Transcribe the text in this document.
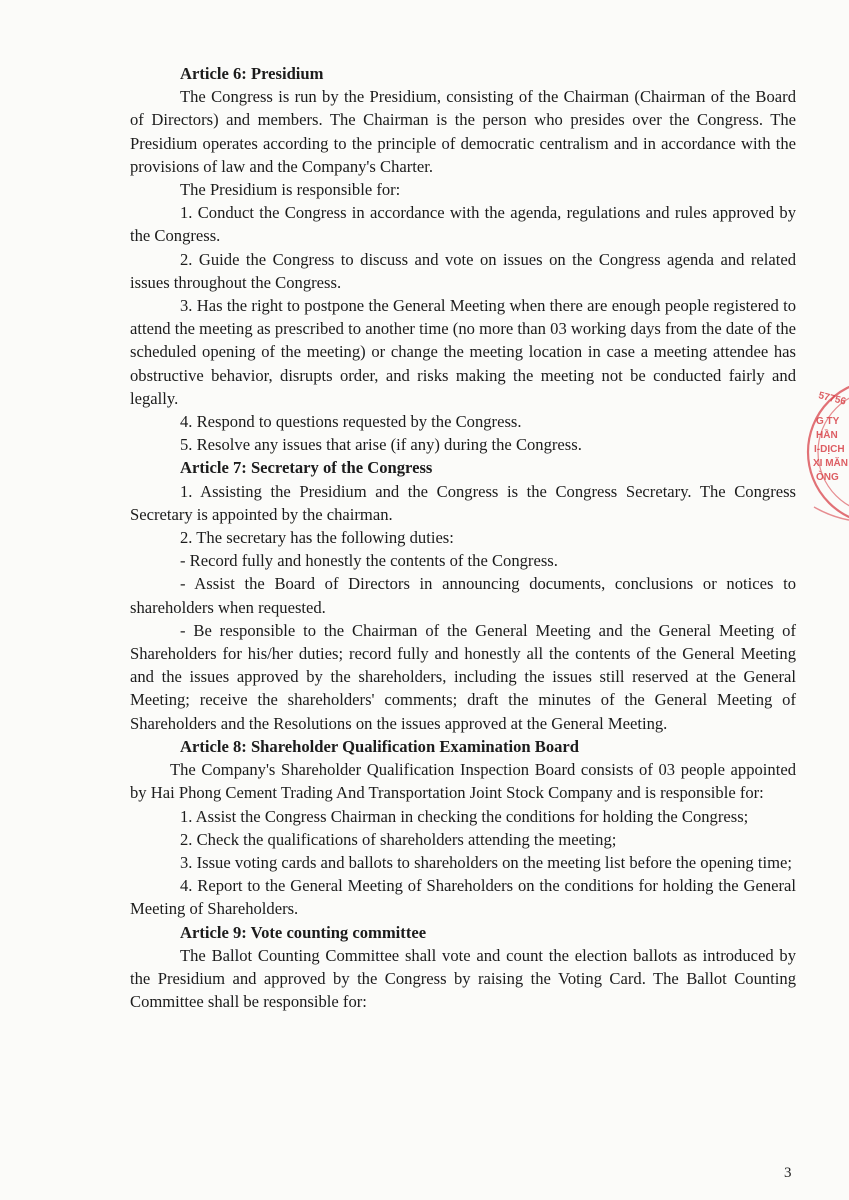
Article 6: Presidium

The Congress is run by the Presidium, consisting of the Chairman (Chairman of the Board of Directors) and members. The Chairman is the person who presides over the Congress. The Presidium operates according to the principle of democratic centralism and in accordance with the provisions of law and the Company's Charter.

The Presidium is responsible for:

1. Conduct the Congress in accordance with the agenda, regulations and rules approved by the Congress.

2. Guide the Congress to discuss and vote on issues on the Congress agenda and related issues throughout the Congress.

3. Has the right to postpone the General Meeting when there are enough people registered to attend the meeting as prescribed to another time (no more than 03 working days from the date of the scheduled opening of the meeting) or change the meeting location in case a meeting attendee has obstructive behavior, disrupts order, and risks making the meeting not be conducted fairly and legally.

4. Respond to questions requested by the Congress.

5. Resolve any issues that arise (if any) during the Congress.

Article 7: Secretary of the Congress

1. Assisting the Presidium and the Congress is the Congress Secretary. The Congress Secretary is appointed by the chairman.

2. The secretary has the following duties:

- Record fully and honestly the contents of the Congress.

- Assist the Board of Directors in announcing documents, conclusions or notices to shareholders when requested.

- Be responsible to the Chairman of the General Meeting and the General Meeting of Shareholders for his/her duties; record fully and honestly all the contents of the General Meeting and the issues approved by the shareholders, including the issues still reserved at the General Meeting; receive the shareholders' comments; draft the minutes of the General Meeting of Shareholders and the Resolutions on the issues approved at the General Meeting.

Article 8: Shareholder Qualification Examination Board

The Company's Shareholder Qualification Inspection Board consists of 03 people appointed by Hai Phong Cement Trading And Transportation Joint Stock Company and is responsible for:

1. Assist the Congress Chairman in checking the conditions for holding the Congress;

2. Check the qualifications of shareholders attending the meeting;

3. Issue voting cards and ballots to shareholders on the meeting list before the opening time;

4. Report to the General Meeting of Shareholders on the conditions for holding the General Meeting of Shareholders.

Article 9: Vote counting committee

The Ballot Counting Committee shall vote and count the election ballots as introduced by the Presidium and approved by the Congress by raising the Voting Card. The Ballot Counting Committee shall be responsible for:

57756
G TY
HẦN
I-DỊCH
XI MĂN
ÒNG
3
